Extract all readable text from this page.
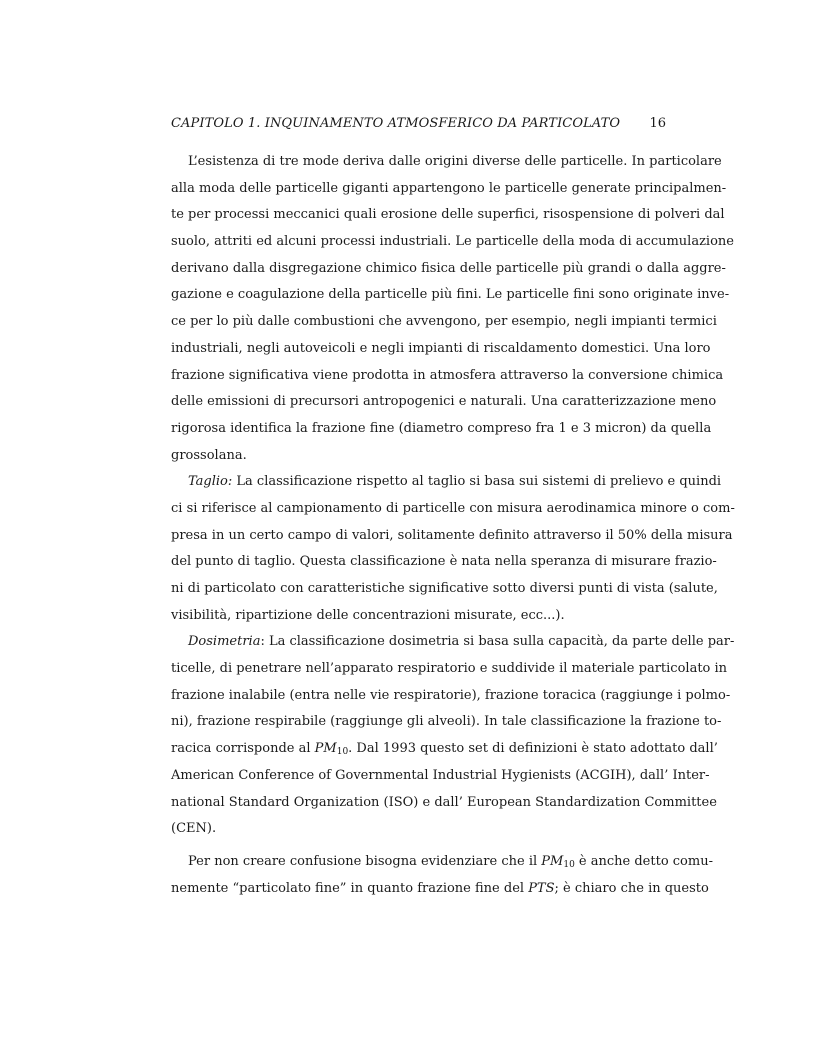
CAPITOLO 1. INQUINAMENTO ATMOSFERICO DA PARTICOLATO 16
L’esistenza di tre mode deriva dalle origini diverse delle particelle. In particolare
alla moda delle particelle giganti appartengono le particelle generate principalmen-
te per processi meccanici quali erosione delle superfici, risospensione di polveri dal
suolo, attriti ed alcuni processi industriali. Le particelle della moda di accumulazione
derivano dalla disgregazione chimico fisica delle particelle più grandi o dalla aggre-
gazione e coagulazione della particelle più fini. Le particelle fini sono originate inve-
ce per lo più dalle combustioni che avvengono, per esempio, negli impianti termici
industriali, negli autoveicoli e negli impianti di riscaldamento domestici. Una loro
frazione significativa viene prodotta in atmosfera attraverso la conversione chimica
delle emissioni di precursori antropogenici e naturali. Una caratterizzazione meno
rigorosa identifica la frazione fine (diametro compreso fra 1 e 3 micron) da quella
grossolana.
Taglio: La classificazione rispetto al taglio si basa sui sistemi di prelievo e quindi
ci si riferisce al campionamento di particelle con misura aerodinamica minore o com-
presa in un certo campo di valori, solitamente definito attraverso il 50% della misura
del punto di taglio. Questa classificazione è nata nella speranza di misurare frazio-
ni di particolato con caratteristiche significative sotto diversi punti di vista (salute,
visibilità, ripartizione delle concentrazioni misurate, ecc...).
Dosimetria: La classificazione dosimetria si basa sulla capacità, da parte delle par-
ticelle, di penetrare nell’apparato respiratorio e suddivide il materiale particolato in
frazione inalabile (entra nelle vie respiratorie), frazione toracica (raggiunge i polmo-
ni), frazione respirabile (raggiunge gli alveoli). In tale classificazione la frazione to-
racica corrisponde al $PM_{10}$. Dal 1993 questo set di definizioni è stato adottato dall’
American Conference of Governmental Industrial Hygienists (ACGIH), dall’ Inter-
national Standard Organization (ISO) e dall’ European Standardization Committee
(CEN).
Per non creare confusione bisogna evidenziare che il $PM_{10}$ è anche detto comu-
nemente “particolato fine” in quanto frazione fine del PTS; è chiaro che in questo
